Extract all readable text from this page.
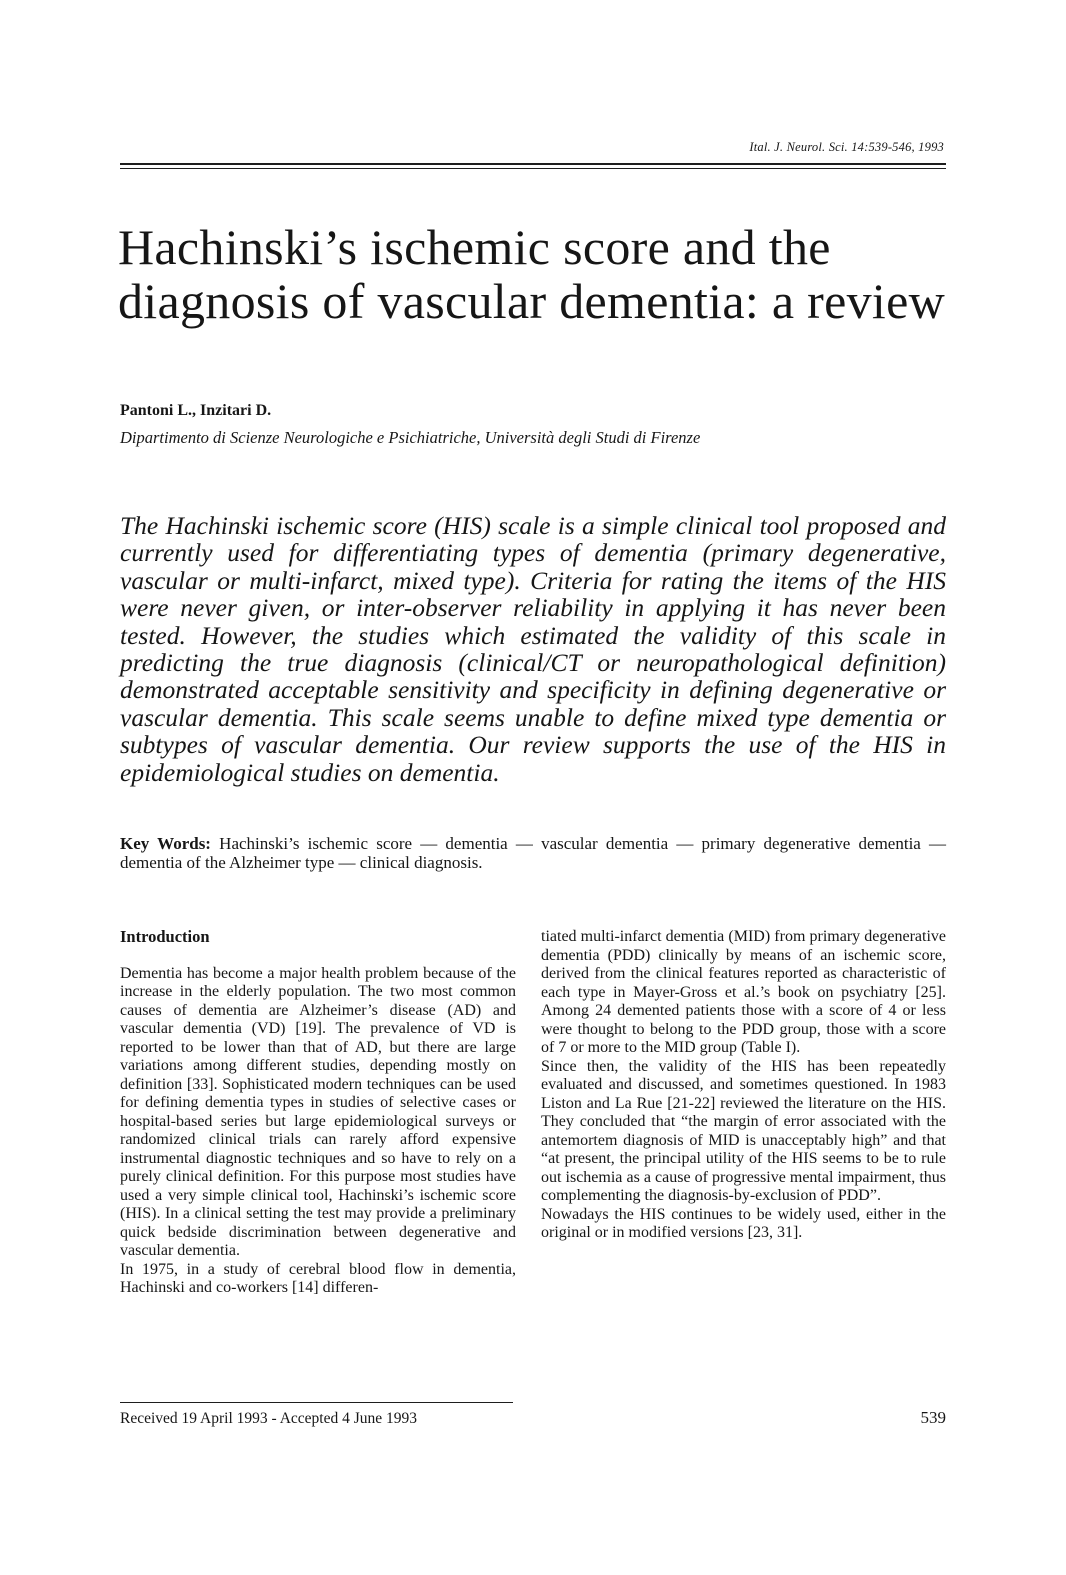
Ital. J. Neurol. Sci. 14:539-546, 1993
Hachinski’s ischemic score and the diagnosis of vascular dementia: a review
Pantoni L., Inzitari D.
Dipartimento di Scienze Neurologiche e Psichiatriche, Università degli Studi di Firenze

The Hachinski ischemic score (HIS) scale is a simple clinical tool proposed and currently used for differentiating types of dementia (primary degenerative, vascular or multi-infarct, mixed type). Criteria for rating the items of the HIS were never given, or inter-observer reliability in applying it has never been tested. However, the studies which estimated the validity of this scale in predicting the true diagnosis (clinical/CT or neuropathological definition) demonstrated acceptable sensitivity and specificity in defining degenerative or vascular dementia. This scale seems unable to define mixed type dementia or subtypes of vascular dementia. Our review supports the use of the HIS in epidemiological studies on dementia.

Key Words: Hachinski’s ischemic score — dementia — vascular dementia — primary degenerative dementia — dementia of the Alzheimer type — clinical diagnosis.

Introduction

Dementia has become a major health problem because of the increase in the elderly population. The two most common causes of dementia are Alzheimer’s disease (AD) and vascular dementia (VD) [19]. The prevalence of VD is reported to be lower than that of AD, but there are large variations among different studies, depending mostly on definition [33]. Sophisticated modern techniques can be used for defining dementia types in studies of selective cases or hospital-based series but large epidemiological surveys or randomized clinical trials can rarely afford expensive instrumental diagnostic techniques and so have to rely on a purely clinical definition. For this purpose most studies have used a very simple clinical tool, Hachinski’s ischemic score (HIS). In a clinical setting the test may provide a preliminary quick bedside discrimination between degenerative and vascular dementia.

In 1975, in a study of cerebral blood flow in dementia, Hachinski and co-workers [14] differen-

tiated multi-infarct dementia (MID) from primary degenerative dementia (PDD) clinically by means of an ischemic score, derived from the clinical features reported as characteristic of each type in Mayer-Gross et al.’s book on psychiatry [25]. Among 24 demented patients those with a score of 4 or less were thought to belong to the PDD group, those with a score of 7 or more to the MID group (Table I).

Since then, the validity of the HIS has been repeatedly evaluated and discussed, and sometimes questioned. In 1983 Liston and La Rue [21-22] reviewed the literature on the HIS. They concluded that “the margin of error associated with the antemortem diagnosis of MID is unacceptably high” and that “at present, the principal utility of the HIS seems to be to rule out ischemia as a cause of progressive mental impairment, thus complementing the diagnosis-by-exclusion of PDD”.

Nowadays the HIS continues to be widely used, either in the original or in modified versions [23, 31].

Received 19 April 1993 - Accepted 4 June 1993	539
